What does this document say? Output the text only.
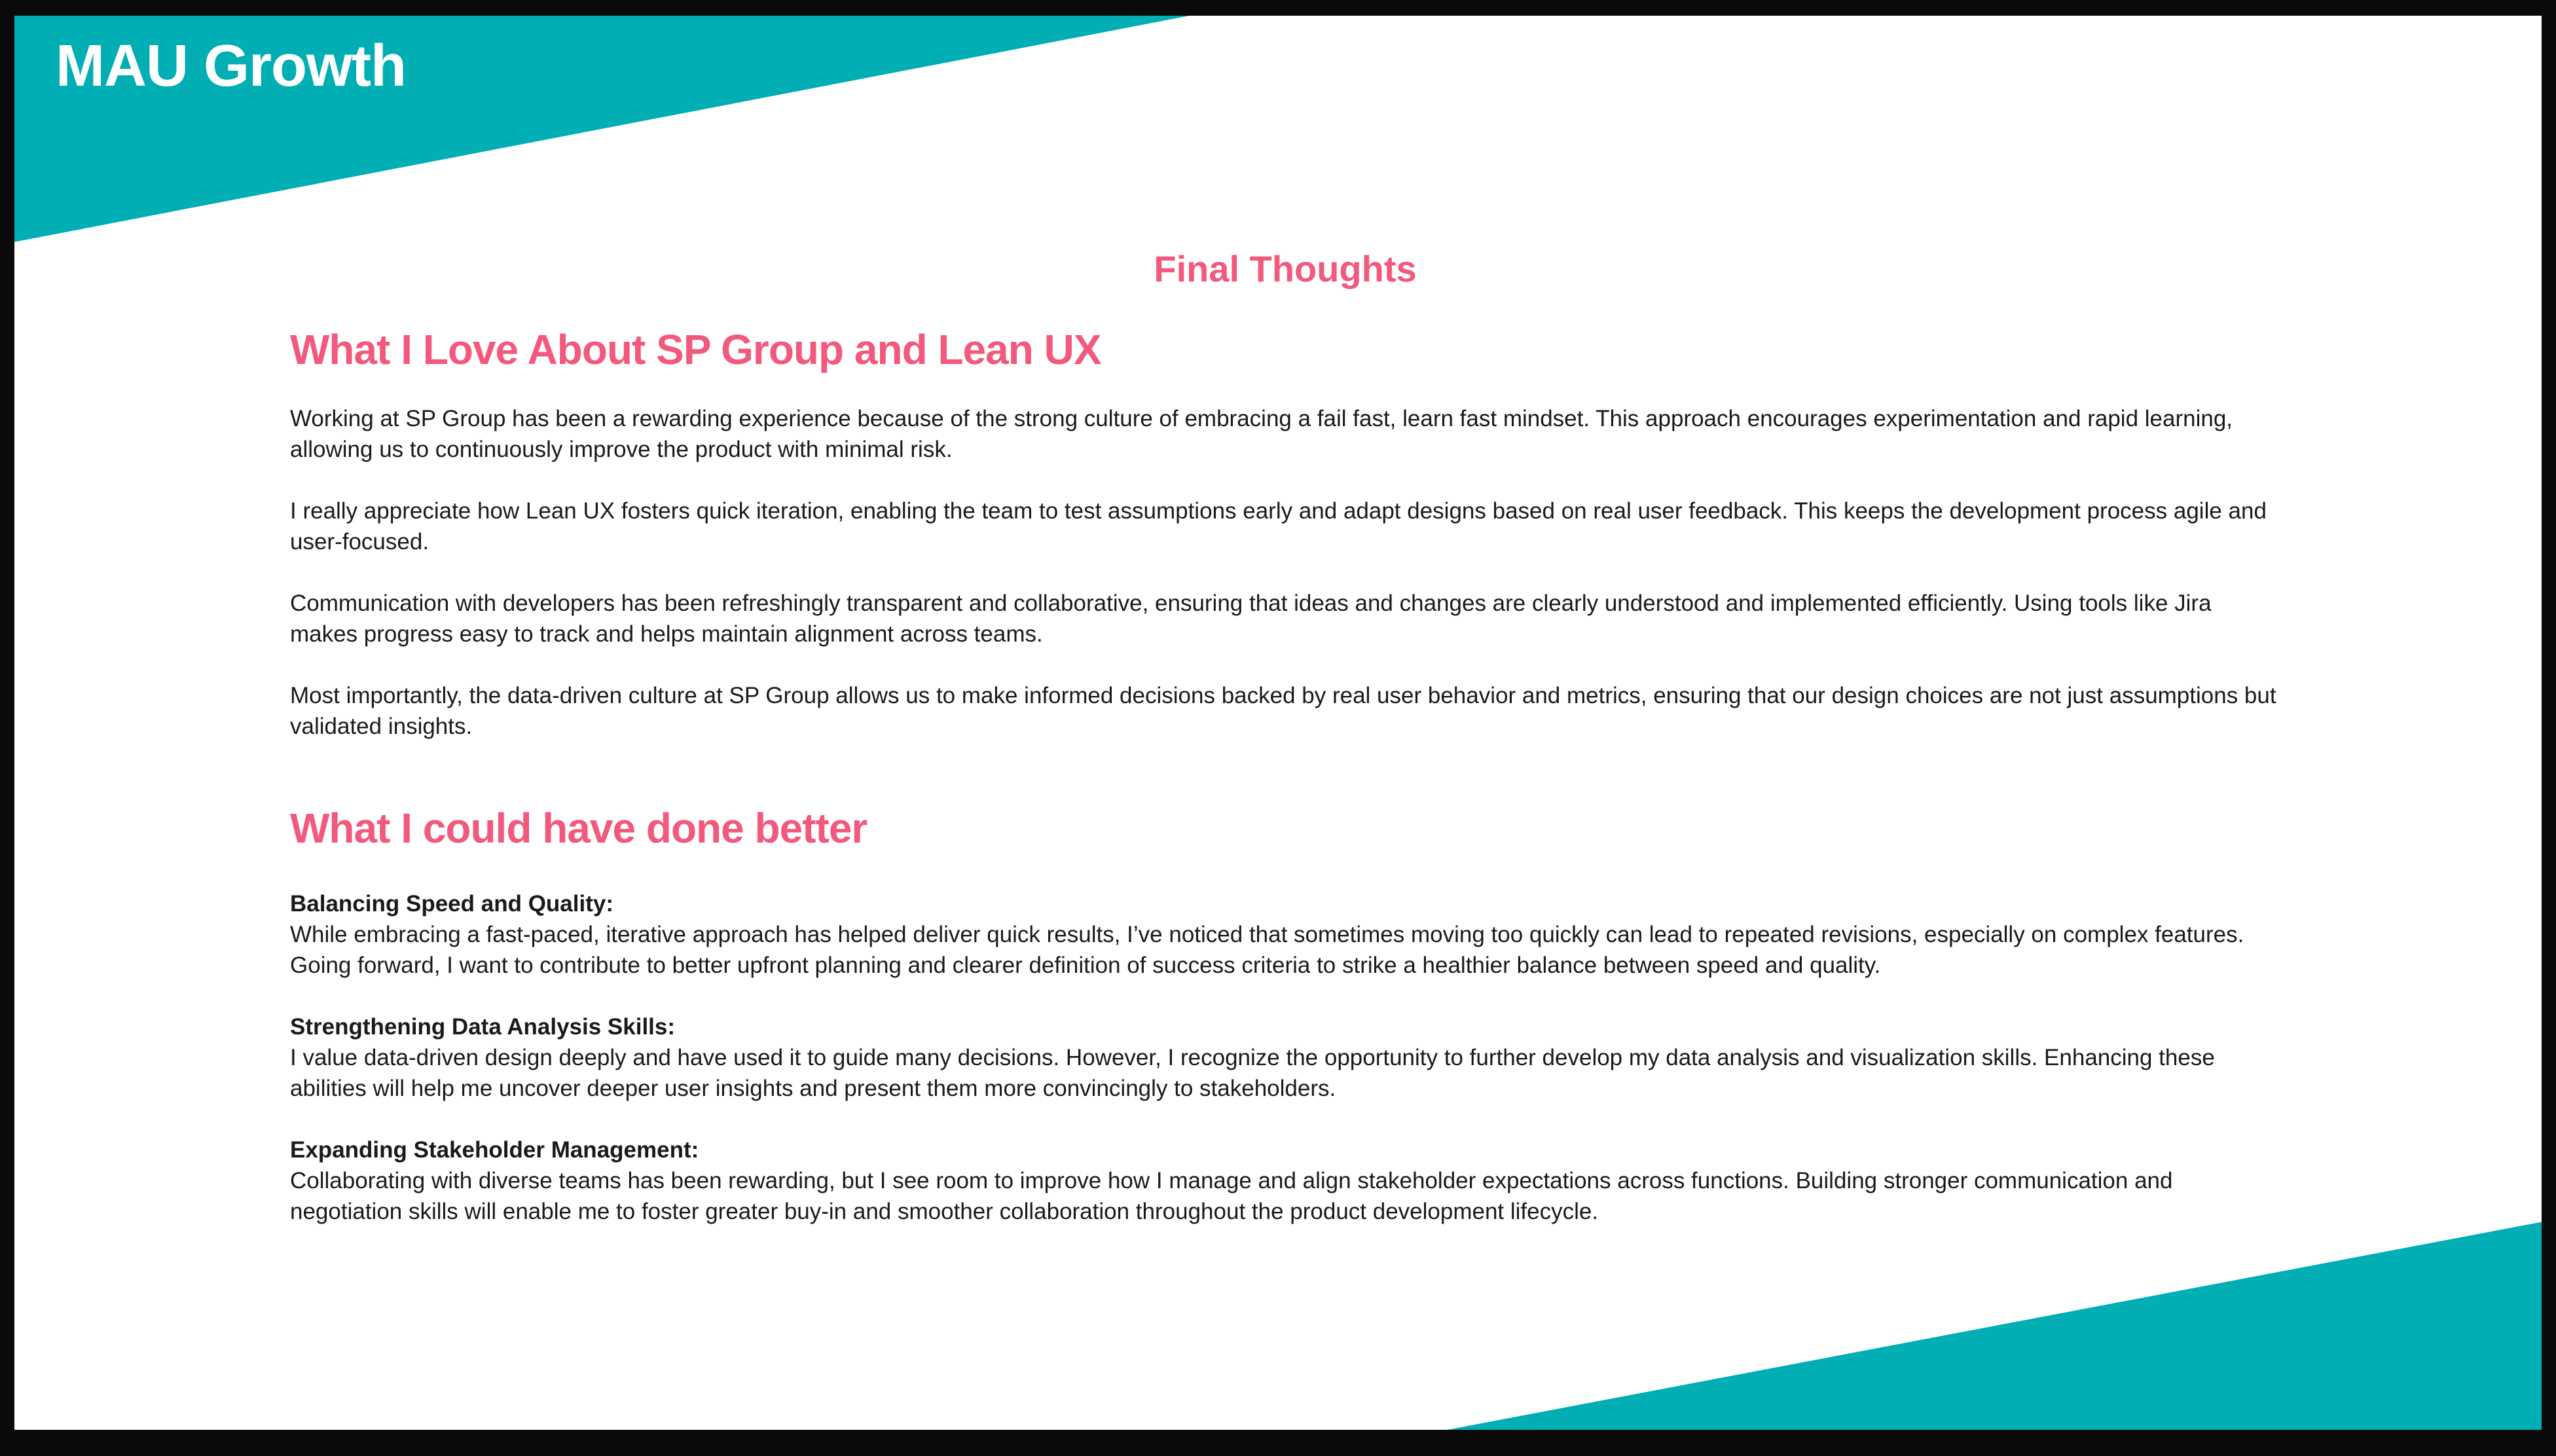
MAU Growth
Final Thoughts
What I Love About SP Group and Lean UX

Working at SP Group has been a rewarding experience because of the strong culture of embracing a fail fast, learn fast mindset. This approach encourages experimentation and rapid learning, allowing us to continuously improve the product with minimal risk.

I really appreciate how Lean UX fosters quick iteration, enabling the team to test assumptions early and adapt designs based on real user feedback. This keeps the development process agile and user-focused.

Communication with developers has been refreshingly transparent and collaborative, ensuring that ideas and changes are clearly understood and implemented efficiently. Using tools like Jira makes progress easy to track and helps maintain alignment across teams.

Most importantly, the data-driven culture at SP Group allows us to make informed decisions backed by real user behavior and metrics, ensuring that our design choices are not just assumptions but validated insights.

What I could have done better
Balancing Speed and Quality:
While embracing a fast-paced, iterative approach has helped deliver quick results, I’ve noticed that sometimes moving too quickly can lead to repeated revisions, especially on complex features. Going forward, I want to contribute to better upfront planning and clearer definition of success criteria to strike a healthier balance between speed and quality.
Strengthening Data Analysis Skills:
I value data-driven design deeply and have used it to guide many decisions. However, I recognize the opportunity to further develop my data analysis and visualization skills. Enhancing these abilities will help me uncover deeper user insights and present them more convincingly to stakeholders.
Expanding Stakeholder Management:
Collaborating with diverse teams has been rewarding, but I see room to improve how I manage and align stakeholder expectations across functions. Building stronger communication and negotiation skills will enable me to foster greater buy-in and smoother collaboration throughout the product development lifecycle.
